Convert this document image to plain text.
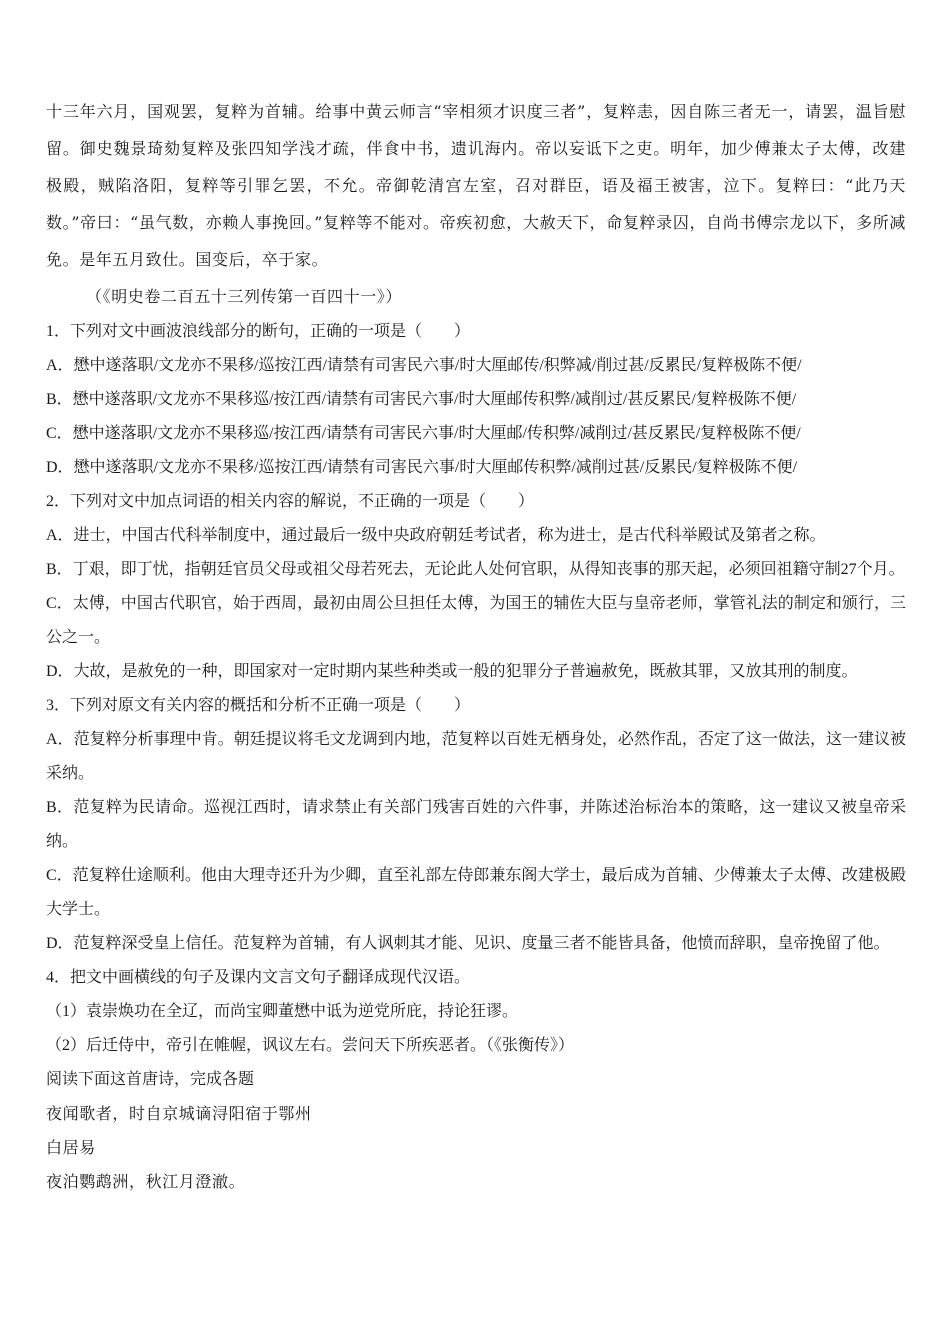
十三年六月，国观罢，复粹为首辅。给事中黄云师言“宰相须才识度三者”，复粹恚，因自陈三者无一，请罢，温旨慰留。御史魏景琦劾复粹及张四知学浅才疏，伴食中书，遗讥海内。帝以妄诋下之吏。明年，加少傅兼太子太傅，改建极殿，贼陷洛阳，复粹等引罪乞罢，不允。帝御乾清宫左室，召对群臣，语及福王被害，泣下。复粹曰：“此乃天数。”帝曰：“虽气数，亦赖人事挽回。”复粹等不能对。帝疾初愈，大赦天下，命复粹录囚，自尚书傅宗龙以下，多所减免。是年五月致仕。国变后，卒于家。

（《明史卷二百五十三列传第一百四十一》）

1．下列对文中画波浪线部分的断句，正确的一项是（　　）

A．懋中遂落职/文龙亦不果移/巡按江西/请禁有司害民六事/时大厘邮传/积弊减/削过甚/反累民/复粹极陈不便/

B．懋中遂落职/文龙亦不果移巡/按江西/请禁有司害民六事/时大厘邮传积弊/减削过/甚反累民/复粹极陈不便/

C．懋中遂落职/文龙亦不果移巡/按江西/请禁有司害民六事/时大厘邮/传积弊/减削过/甚反累民/复粹极陈不便/

D．懋中遂落职/文龙亦不果移/巡按江西/请禁有司害民六事/时大厘邮传积弊/减削过甚/反累民/复粹极陈不便/

2．下列对文中加点词语的相关内容的解说，不正确的一项是（　　）

A．进士，中国古代科举制度中，通过最后一级中央政府朝廷考试者，称为进士，是古代科举殿试及第者之称。

B．丁艰，即丁忧，指朝廷官员父母或祖父母若死去，无论此人处何官职，从得知丧事的那天起，必须回祖籍守制27个月。

C．太傅，中国古代职官，始于西周，最初由周公旦担任太傅，为国王的辅佐大臣与皇帝老师，掌管礼法的制定和颁行，三公之一。

D．大故，是赦免的一种，即国家对一定时期内某些种类或一般的犯罪分子普遍赦免，既赦其罪，又放其刑的制度。

3．下列对原文有关内容的概括和分析不正确一项是（　　）

A．范复粹分析事理中肯。朝廷提议将毛文龙调到内地，范复粹以百姓无栖身处，必然作乱，否定了这一做法，这一建议被采纳。

B．范复粹为民请命。巡视江西时，请求禁止有关部门残害百姓的六件事，并陈述治标治本的策略，这一建议又被皇帝采纳。

C．范复粹仕途顺利。他由大理寺还升为少卿，直至礼部左侍郎兼东阁大学士，最后成为首辅、少傅兼太子太傅、改建极殿大学士。

D．范复粹深受皇上信任。范复粹为首辅，有人讽刺其才能、见识、度量三者不能皆具备，他愤而辞职，皇帝挽留了他。

4．把文中画横线的句子及课内文言文句子翻译成现代汉语。

（1）袁崇焕功在全辽，而尚宝卿董懋中诋为逆党所庇，持论狂谬。

（2）后迁侍中，帝引在帷幄，讽议左右。尝问天下所疾恶者。（《张衡传》）

阅读下面这首唐诗，完成各题

夜闻歌者，时自京城谪浔阳宿于鄂州

白居易

夜泊鹦鹉洲，秋江月澄澈。
